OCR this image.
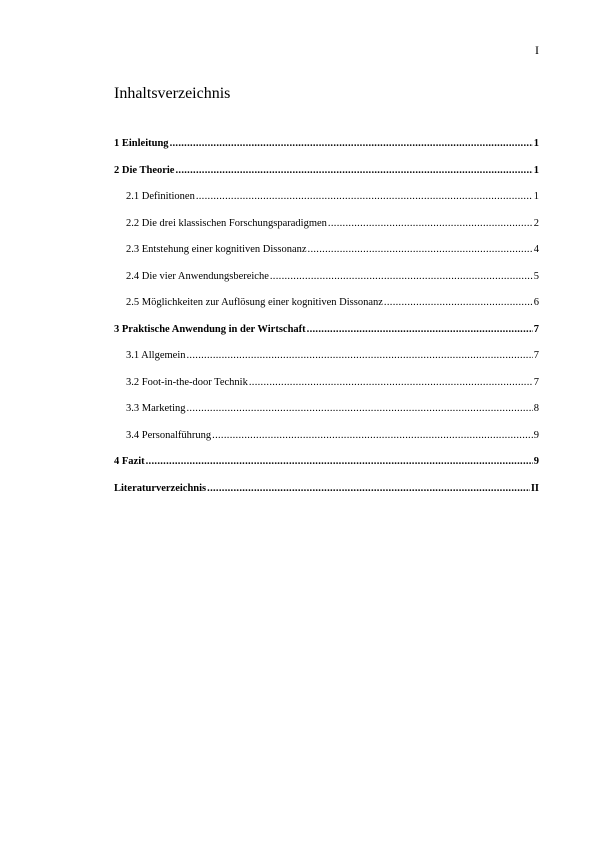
I
Inhaltsverzeichnis
1 Einleitung .....	1
2 Die Theorie .....	1
2.1 Definitionen .....	1
2.2 Die drei klassischen Forschungsparadigmen .....	2
2.3 Entstehung einer kognitiven Dissonanz .....	4
2.4 Die vier Anwendungsbereiche .....	5
2.5 Möglichkeiten zur Auflösung einer kognitiven Dissonanz .....	6
3 Praktische Anwendung in der Wirtschaft .....	7
3.1 Allgemein .....	7
3.2 Foot-in-the-door Technik .....	7
3.3 Marketing .....	8
3.4 Personalführung .....	9
4 Fazit .....	9
Literaturverzeichnis .....	II
